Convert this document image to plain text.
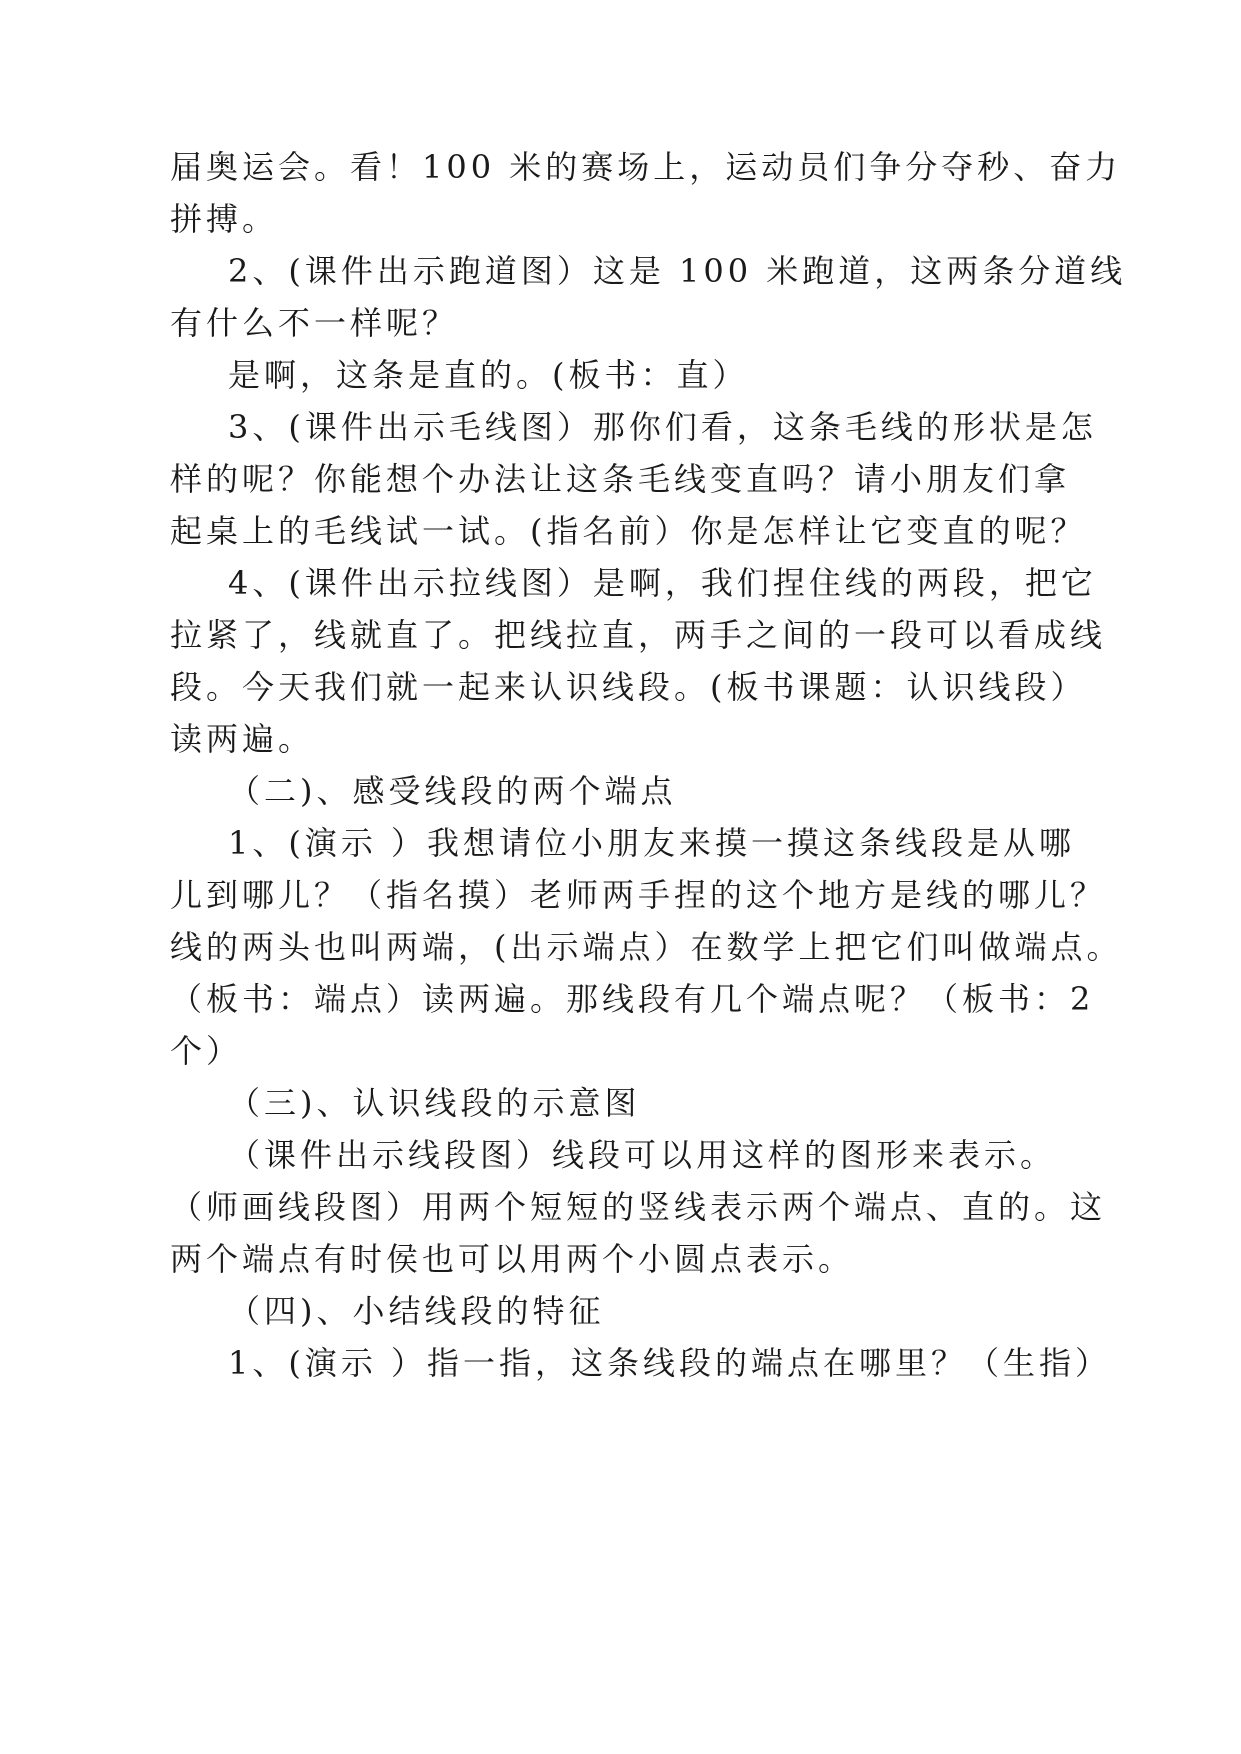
届奥运会。看！100 米的赛场上，运动员们争分夺秒、奋力
拼搏。
2、(课件出示跑道图）这是 100 米跑道，这两条分道线
有什么不一样呢？
是啊，这条是直的。(板书：直）
3、(课件出示毛线图）那你们看，这条毛线的形状是怎
样的呢？你能想个办法让这条毛线变直吗？请小朋友们拿
起桌上的毛线试一试。(指名前）你是怎样让它变直的呢？
4、(课件出示拉线图）是啊，我们捏住线的两段，把它
拉紧了，线就直了。把线拉直，两手之间的一段可以看成线
段。今天我们就一起来认识线段。(板书课题：认识线段）
读两遍。
（二)、感受线段的两个端点
1、(演示 ）我想请位小朋友来摸一摸这条线段是从哪
儿到哪儿？（指名摸）老师两手捏的这个地方是线的哪儿？
线的两头也叫两端，(出示端点）在数学上把它们叫做端点。
（板书：端点）读两遍。那线段有几个端点呢？（板书：2
个）
（三)、认识线段的示意图
（课件出示线段图）线段可以用这样的图形来表示。
（师画线段图）用两个短短的竖线表示两个端点、直的。这
两个端点有时侯也可以用两个小圆点表示。
（四)、小结线段的特征
1、(演示 ）指一指，这条线段的端点在哪里？（生指）
